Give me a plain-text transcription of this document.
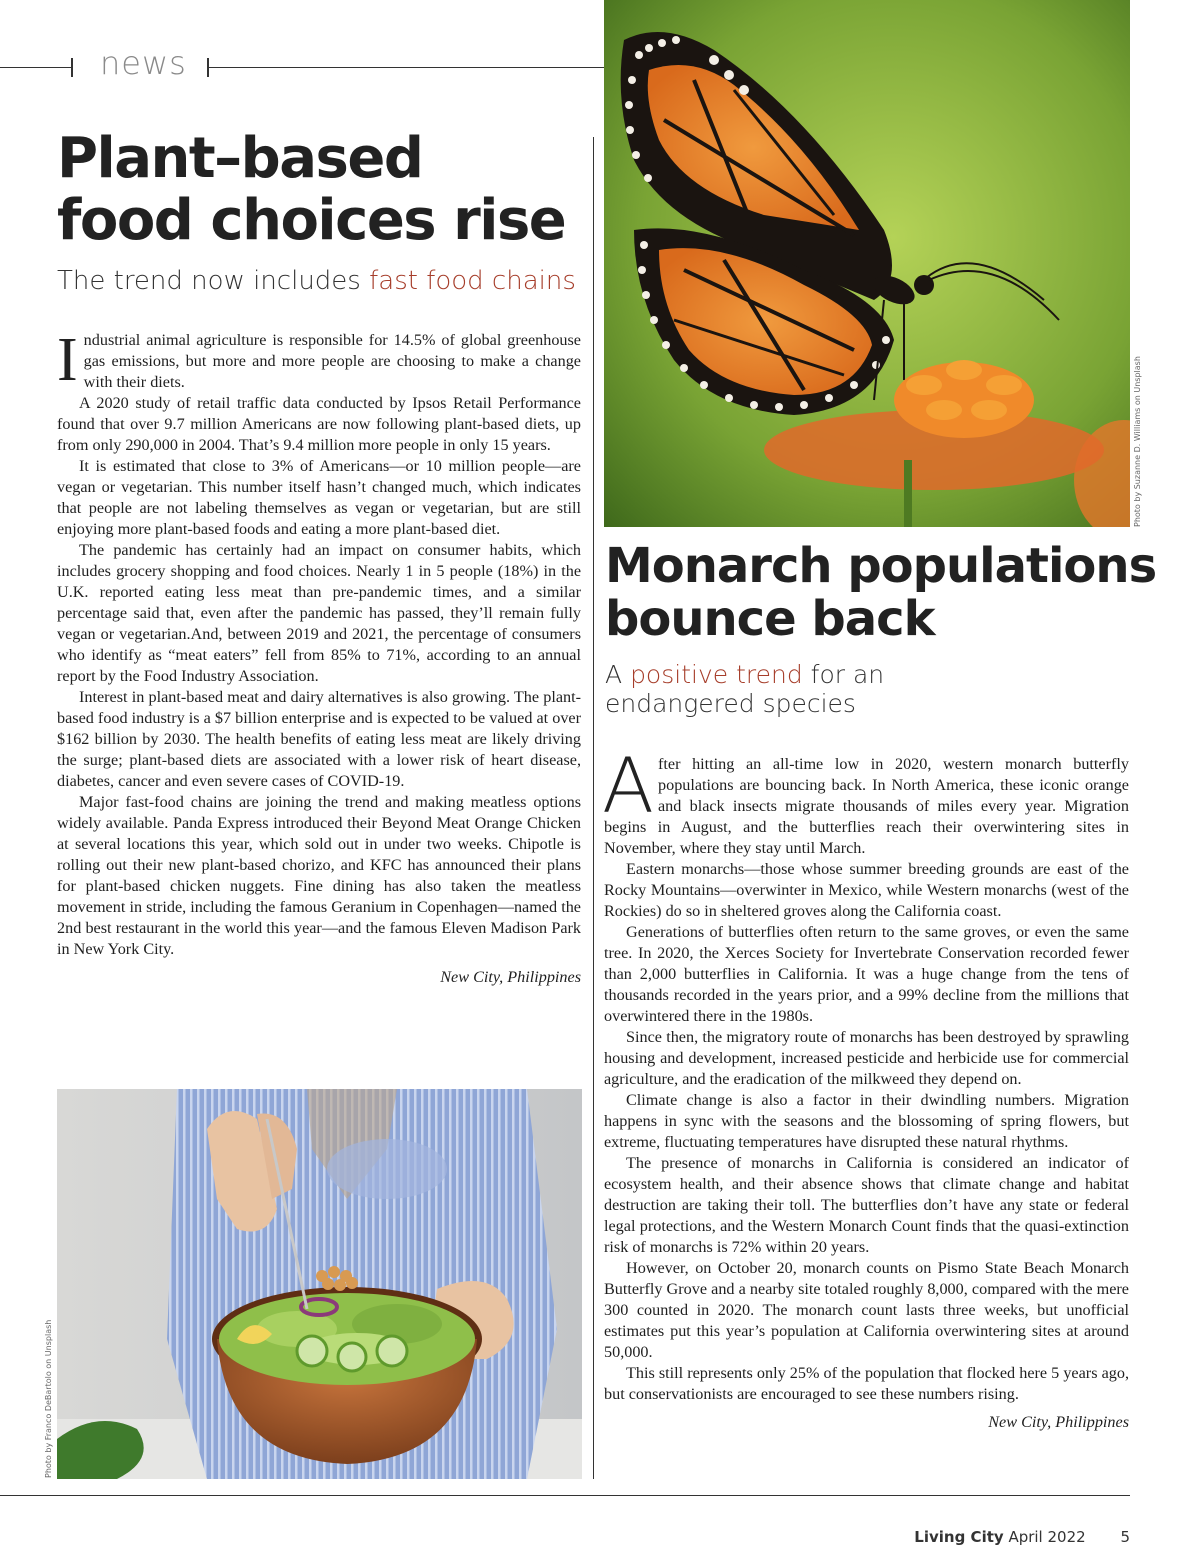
news
Plant–based
food choices rise
The trend now includes fast food chains

Industrial animal agriculture is responsible for 14.5% of global greenhouse gas emissions, but more and more people are choosing to make a change with their diets.

A 2020 study of retail traffic data conducted by Ipsos Retail Performance found that over 9.7 million Americans are now following plant-based diets, up from only 290,000 in 2004. That’s 9.4 million more people in only 15 years.

It is estimated that close to 3% of Americans—or 10 million people—are vegan or vegetarian. This number itself hasn’t changed much, which indicates that people are not labeling themselves as vegan or vegetarian, but are still enjoying more plant-based foods and eating a more plant-based diet.

The pandemic has certainly had an impact on consumer habits, which includes grocery shopping and food choices. Nearly 1 in 5 people (18%) in the U.K. reported eating less meat than pre-pandemic times, and a similar percentage said that, even after the pandemic has passed, they’ll remain fully vegan or vegetarian.And, between 2019 and 2021, the percentage of consumers who identify as “meat eaters” fell from 85% to 71%, according to an annual report by the Food Industry Association.

Interest in plant-based meat and dairy alternatives is also growing. The plant-based food industry is a $7 billion enterprise and is expected to be valued at over $162 billion by 2030. The health benefits of eating less meat are likely driving the surge; plant-based diets are associated with a lower risk of heart disease, diabetes, cancer and even severe cases of COVID-19.

Major fast-food chains are joining the trend and making meatless options widely available. Panda Express introduced their Beyond Meat Orange Chicken at several locations this year, which sold out in under two weeks. Chipotle is rolling out their new plant-based chorizo, and KFC has announced their plans for plant-based chicken nuggets. Fine dining has also taken the meatless movement in stride, including the famous Geranium in Copenhagen—named the 2nd best restaurant in the world this year—and the famous Eleven Madison Park in New York City.

New City, Philippines
Photo by Franco DeBartolo on Unsplash
Photo by Suzanne D. Williams on Unsplash
Monarch populations
bounce back
A positive trend for an endangered species

After hitting an all-time low in 2020, western monarch butterfly populations are bouncing back. In North America, these iconic orange and black insects migrate thousands of miles every year. Migration begins in August, and the butterflies reach their overwintering sites in November, where they stay until March.

Eastern monarchs—those whose summer breeding grounds are east of the Rocky Mountains—overwinter in Mexico, while Western monarchs (west of the Rockies) do so in sheltered groves along the California coast.

Generations of butterflies often return to the same groves, or even the same tree. In 2020, the Xerces Society for Invertebrate Conservation recorded fewer than 2,000 butterflies in California. It was a huge change from the tens of thousands recorded in the years prior, and a 99% decline from the millions that overwintered there in the 1980s.

Since then, the migratory route of monarchs has been destroyed by sprawling housing and development, increased pesticide and herbicide use for commercial agriculture, and the eradication of the milkweed they depend on.

Climate change is also a factor in their dwindling numbers. Migration happens in sync with the seasons and the blossoming of spring flowers, but extreme, fluctuating temperatures have disrupted these natural rhythms.

The presence of monarchs in California is considered an indicator of ecosystem health, and their absence shows that climate change and habitat destruction are taking their toll. The butterflies don’t have any state or federal legal protections, and the Western Monarch Count finds that the quasi-extinction risk of monarchs is 72% within 20 years.

However, on October 20, monarch counts on Pismo State Beach Monarch Butterfly Grove and a nearby site totaled roughly 8,000, compared with the mere 300 counted in 2020. The monarch count lasts three weeks, but unofficial estimates put this year’s population at California overwintering sites at around 50,000.

This still represents only 25% of the population that flocked here 5 years ago, but conservationists are encouraged to see these numbers rising.

New City, Philippines
Living City April 2022 5
